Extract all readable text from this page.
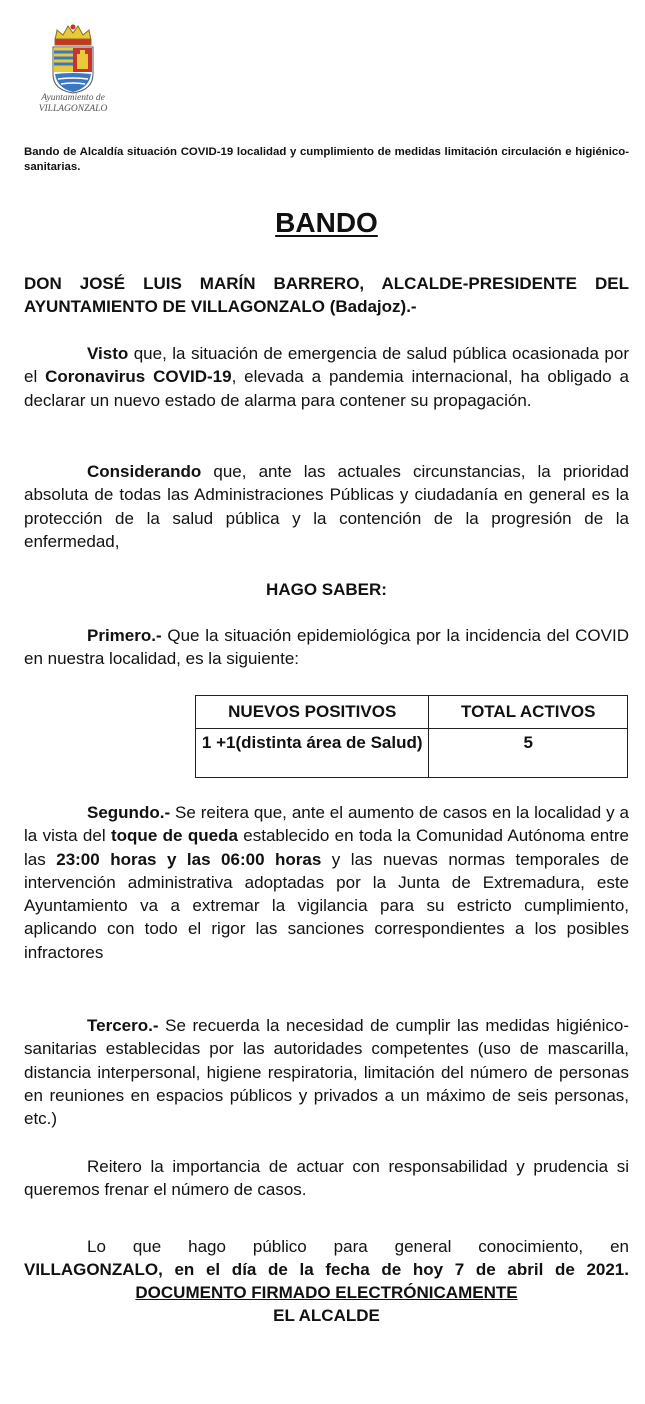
Ayuntamiento de
VILLAGONZALO
Bando de Alcaldía situación COVID-19 localidad y cumplimiento de medidas limitación circulación e higiénico-sanitarias.
BANDO
DON JOSÉ LUIS MARÍN BARRERO, ALCALDE-PRESIDENTE DEL AYUNTAMIENTO DE VILLAGONZALO (Badajoz).-

Visto que, la situación de emergencia de salud pública ocasionada por el Coronavirus COVID-19, elevada a pandemia internacional, ha obligado a declarar un nuevo estado de alarma para contener su propagación.

Considerando que, ante las actuales circunstancias, la prioridad absoluta de todas las Administraciones Públicas y ciudadanía en general es la protección de la salud pública y la contención de la progresión de la enfermedad,

HAGO SABER:

Primero.- Que la situación epidemiológica por la incidencia del COVID en nuestra localidad, es la siguiente:

NUEVOS POSITIVOS	TOTAL ACTIVOS
1 +1(distinta área de Salud)	5

Segundo.- Se reitera que, ante el aumento de casos en la localidad y a la vista del toque de queda establecido en toda la Comunidad Autónoma entre las 23:00 horas y las 06:00 horas y las nuevas normas temporales de intervención administrativa adoptadas por la Junta de Extremadura, este Ayuntamiento va a extremar la vigilancia para su estricto cumplimiento, aplicando con todo el rigor las sanciones correspondientes a los posibles infractores

Tercero.- Se recuerda la necesidad de cumplir las medidas higiénico-sanitarias establecidas por las autoridades competentes (uso de mascarilla, distancia interpersonal, higiene respiratoria, limitación del número de personas en reuniones en espacios públicos y privados a un máximo de seis personas, etc.)

Reitero la importancia de actuar con responsabilidad y prudencia si queremos frenar el número de casos.

Lo que hago público para general conocimiento, en
VILLAGONZALO, en el día de la fecha de hoy 7 de abril de 2021.
DOCUMENTO FIRMADO ELECTRÓNICAMENTE
EL ALCALDE
